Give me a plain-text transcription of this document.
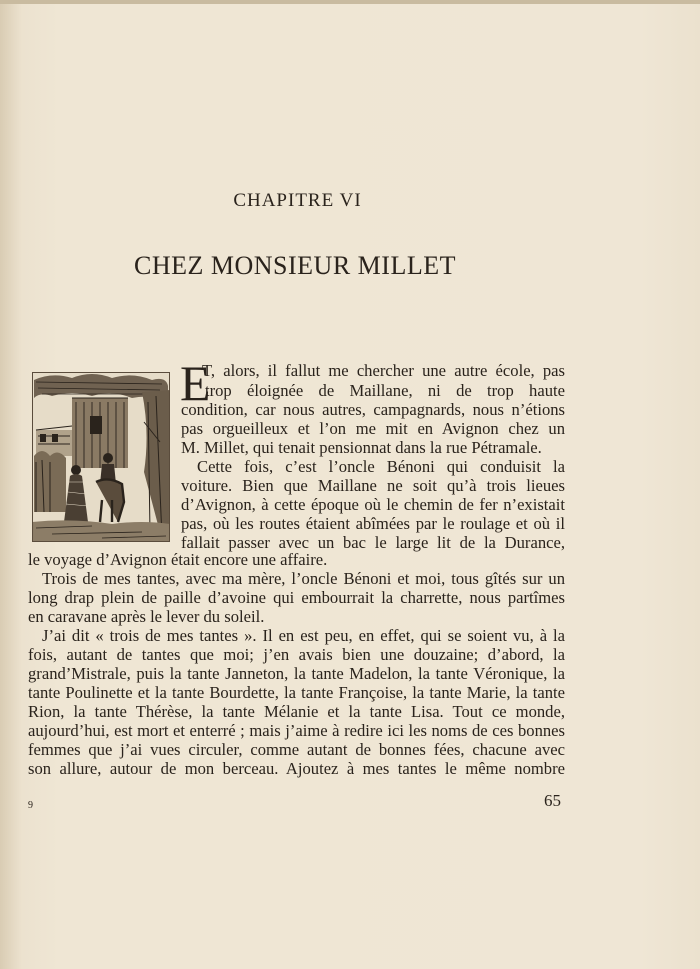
CHAPITRE VI
CHEZ MONSIEUR MILLET
E
T, alors, il fallut me chercher une autre école, pas
trop éloignée de Maillane, ni de trop haute
condition, car nous autres, campagnards, nous n’étions
pas orgueilleux et l’on me mit en Avignon chez un
M. Millet, qui tenait pensionnat dans la rue Pétramale.
Cette fois, c’est l’oncle Bénoni qui conduisit la
voiture. Bien que Maillane ne soit qu’à trois lieues
d’Avignon, à cette époque où le chemin de fer n’existait
pas, où les routes étaient abîmées par le roulage et où il
fallait passer avec un bac le large lit de la Durance,
le voyage d’Avignon était encore une affaire.
Trois de mes tantes, avec ma mère, l’oncle Bénoni et moi, tous gîtés sur un
long drap plein de paille d’avoine qui embourrait la charrette, nous partîmes
en caravane après le lever du soleil.
J’ai dit « trois de mes tantes ». Il en est peu, en effet, qui se soient vu, à la
fois, autant de tantes que moi; j’en avais bien une douzaine; d’abord, la
grand’Mistrale, puis la tante Janneton, la tante Madelon, la tante Véronique, la
tante Poulinette et la tante Bourdette, la tante Françoise, la tante Marie, la tante
Rion, la tante Thérèse, la tante Mélanie et la tante Lisa. Tout ce monde,
aujourd’hui, est mort et enterré ; mais j’aime à redire ici les noms de ces bonnes
femmes que j’ai vues circuler, comme autant de bonnes fées, chacune avec
son allure, autour de mon berceau. Ajoutez à mes tantes le même nombre
9	65
